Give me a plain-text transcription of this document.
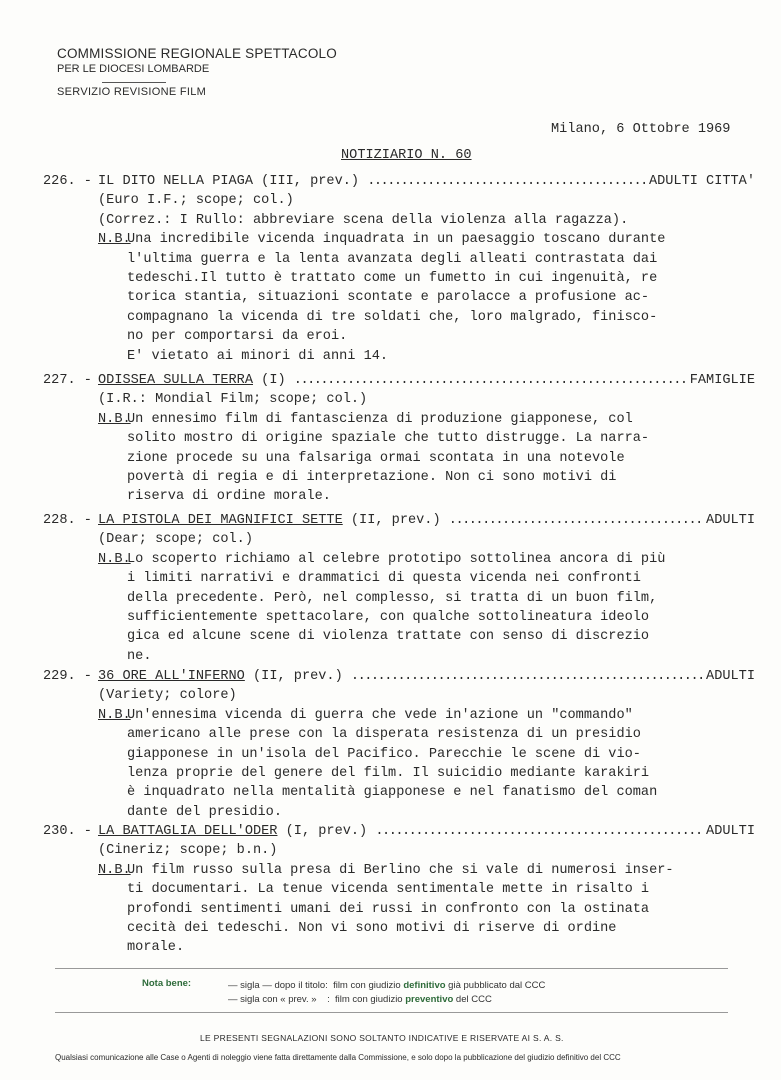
COMMISSIONE REGIONALE SPETTACOLO
PER LE DIOCESI LOMBARDE
SERVIZIO REVISIONE FILM
Milano, 6 Ottobre 1969
NOTIZIARIO N. 60
226. - IL DITO NELLA PIAGA (III, prev.) .....	ADULTI CITTA'
(Euro I.F.; scope; col.)
(Correz.: I Rullo: abbreviare scena della violenza alla ragazza).
N.B.
Una incredibile vicenda inquadrata in un paesaggio toscano durante
l'ultima guerra e la lenta avanzata degli alleati contrastata dai
tedeschi.Il tutto è trattato come un fumetto in cui ingenuità, re
torica stantia, situazioni scontate e parolacce a profusione ac-
compagnano la vicenda di tre soldati che, loro malgrado, finisco-
no per comportarsi da eroi.
E' vietato ai minori di anni 14.
227. - ODISSEA SULLA TERRA (I) .....	FAMIGLIE
(I.R.: Mondial Film; scope; col.)
N.B.
Un ennesimo film di fantascienza di produzione giapponese, col
solito mostro di origine spaziale che tutto distrugge. La narra-
zione procede su una falsariga ormai scontata in una notevole
povertà di regia e di interpretazione. Non ci sono motivi di
riserva di ordine morale.
228. - LA PISTOLA DEI MAGNIFICI SETTE (II, prev.) .....	ADULTI
(Dear; scope; col.)
N.B.
Lo scoperto richiamo al celebre prototipo sottolinea ancora di più
i limiti narrativi e drammatici di questa vicenda nei confronti
della precedente. Però, nel complesso, si tratta di un buon film,
sufficientemente spettacolare, con qualche sottolineatura ideolo
gica ed alcune scene di violenza trattate con senso di discrezio
ne.
229. - 36 ORE ALL'INFERNO (II, prev.) .....	ADULTI
(Variety; colore)
N.B.
Un'ennesima vicenda di guerra che vede in'azione un "commando"
americano alle prese con la disperata resistenza di un presidio
giapponese in un'isola del Pacifico. Parecchie le scene di vio-
lenza proprie del genere del film. Il suicidio mediante karakiri
è inquadrato nella mentalità giapponese e nel fanatismo del coman
dante del presidio.
230. - LA BATTAGLIA DELL'ODER (I, prev.) .....	ADULTI
(Cineriz; scope; b.n.)
N.B.
Un film russo sulla presa di Berlino che si vale di numerosi inser-
ti documentari. La tenue vicenda sentimentale mette in risalto i
profondi sentimenti umani dei russi in confronto con la ostinata
cecità dei tedeschi. Non vi sono motivi di riserve di ordine
morale.
Nota bene:	— sigla — dopo il titolo:  film con giudizio definitivo già pubblicato dal CCC
— sigla con « prev. »    :  film con giudizio preventivo del CCC
LE PRESENTI SEGNALAZIONI SONO SOLTANTO INDICATIVE E RISERVATE AI S. A. S.
Qualsiasi comunicazione alle Case o Agenti di noleggio viene fatta direttamente dalla Commissione, e solo dopo la pubblicazione del giudizio definitivo del CCC
